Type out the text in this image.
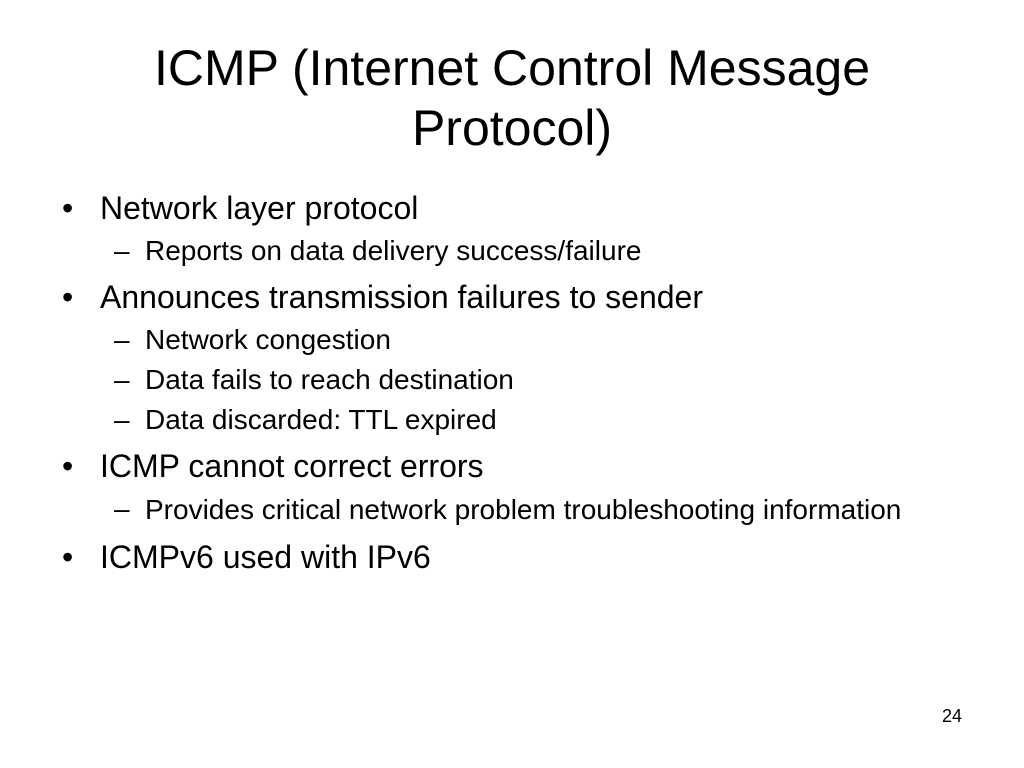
ICMP (Internet Control Message
Protocol)
• Network layer protocol
– Reports on data delivery success/failure
• Announces transmission failures to sender
– Network congestion
– Data fails to reach destination
– Data discarded: TTL expired
• ICMP cannot correct errors
– Provides critical network problem troubleshooting information
• ICMPv6 used with IPv6
24
